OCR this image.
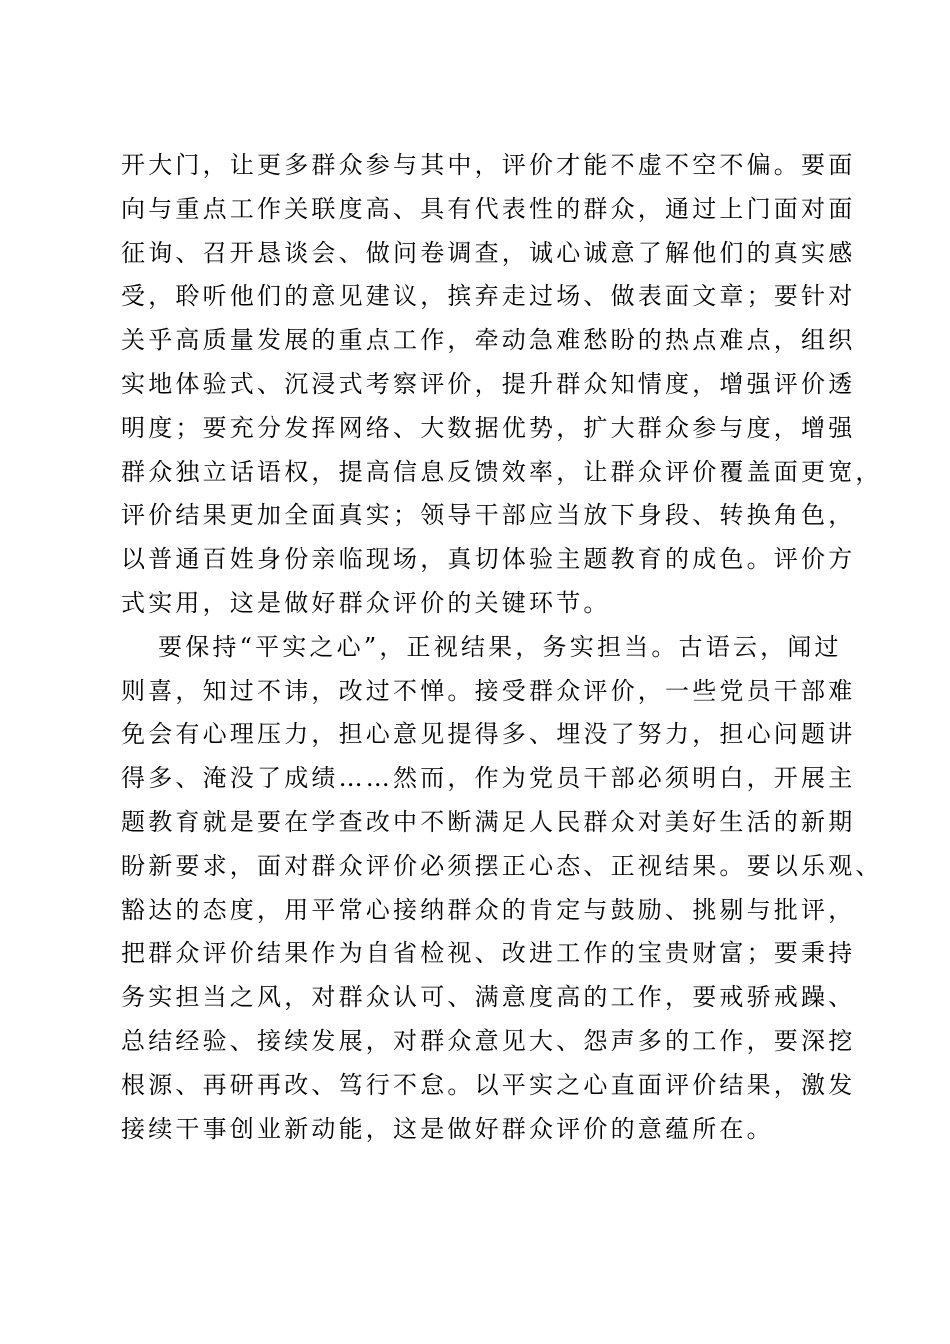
开大门，让更多群众参与其中，评价才能不虚不空不偏。要面
向与重点工作关联度高、具有代表性的群众，通过上门面对面
征询、召开恳谈会、做问卷调查，诚心诚意了解他们的真实感
受，聆听他们的意见建议，摈弃走过场、做表面文章；要针对
关乎高质量发展的重点工作，牵动急难愁盼的热点难点，组织
实地体验式、沉浸式考察评价，提升群众知情度，增强评价透
明度；要充分发挥网络、大数据优势，扩大群众参与度，增强
群众独立话语权，提高信息反馈效率，让群众评价覆盖面更宽，
评价结果更加全面真实；领导干部应当放下身段、转换角色，
以普通百姓身份亲临现场，真切体验主题教育的成色。评价方
式实用，这是做好群众评价的关键环节。
要保持“平实之心”，正视结果，务实担当。古语云，闻过
则喜，知过不讳，改过不惮。接受群众评价，一些党员干部难
免会有心理压力，担心意见提得多、埋没了努力，担心问题讲
得多、淹没了成绩……然而，作为党员干部必须明白，开展主
题教育就是要在学查改中不断满足人民群众对美好生活的新期
盼新要求，面对群众评价必须摆正心态、正视结果。要以乐观、
豁达的态度，用平常心接纳群众的肯定与鼓励、挑剔与批评，
把群众评价结果作为自省检视、改进工作的宝贵财富；要秉持
务实担当之风，对群众认可、满意度高的工作，要戒骄戒躁、
总结经验、接续发展，对群众意见大、怨声多的工作，要深挖
根源、再研再改、笃行不怠。以平实之心直面评价结果，激发
接续干事创业新动能，这是做好群众评价的意蕴所在。
